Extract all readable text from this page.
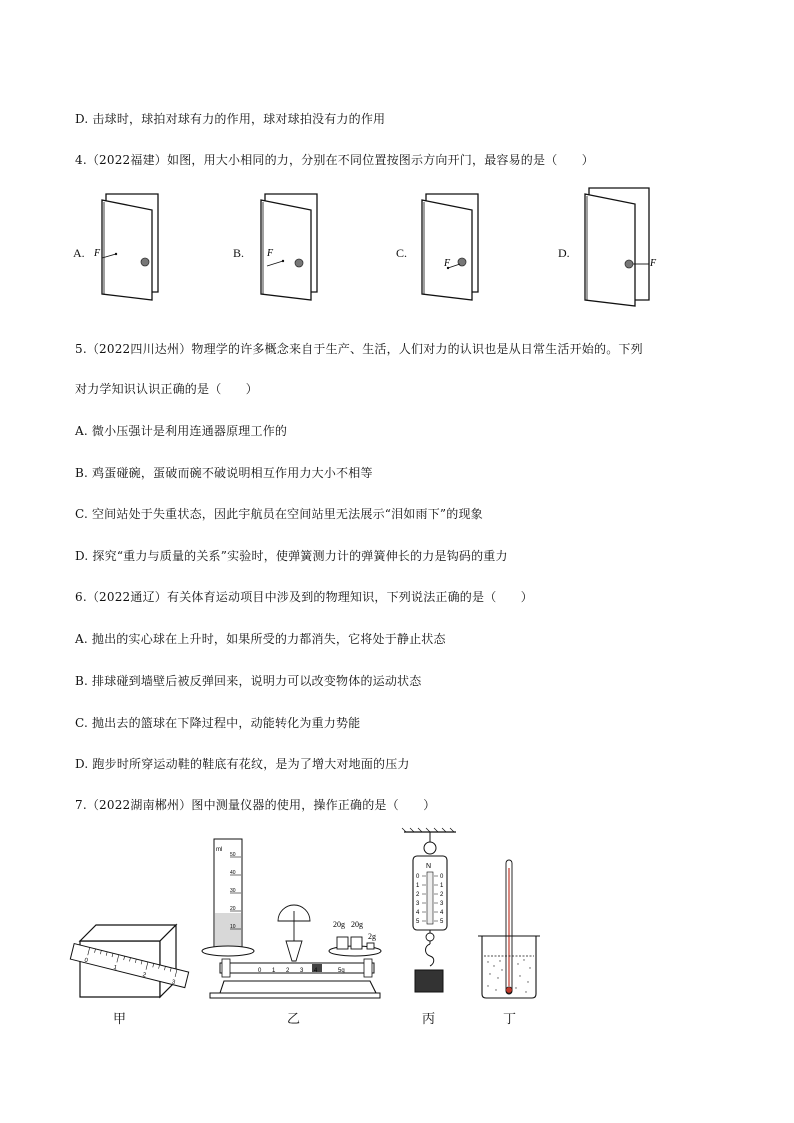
D. 击球时，球拍对球有力的作用，球对球拍没有力的作用
4.（2022福建）如图，用大小相同的力，分别在不同位置按图示方向开门，最容易的是（　　）
A.	B.	C.	D.
F	F
F	F
5.（2022四川达州）物理学的许多概念来自于生产、生活，人们对力的认识也是从日常生活开始的。下列
对力学知识认识正确的是（　　）
A. 微小压强计是利用连通器原理工作的
B. 鸡蛋碰碗，蛋破而碗不破说明相互作用力大小不相等
C. 空间站处于失重状态，因此宇航员在空间站里无法展示“泪如雨下”的现象
D. 探究“重力与质量的关系”实验时，使弹簧测力计的弹簧伸长的力是钩码的重力
6.（2022通辽）有关体育运动项目中涉及到的物理知识，下列说法正确的是（　　）
A. 抛出的实心球在上升时，如果所受的力都消失，它将处于静止状态
B. 排球碰到墙壁后被反弹回来，说明力可以改变物体的运动状态
C. 抛出去的篮球在下降过程中，动能转化为重力势能
D. 跑步时所穿运动鞋的鞋底有花纹，是为了增大对地面的压力
7.（2022湖南郴州）图中测量仪器的使用，操作正确的是（　　）
0
1
2
3
ml
50
40
30
20
10	20g 20g
2g
0 1 2 3 4	5g
N
0
1
2
3
4
5
0
1
2
3
4
5
甲	乙	丙	丁
